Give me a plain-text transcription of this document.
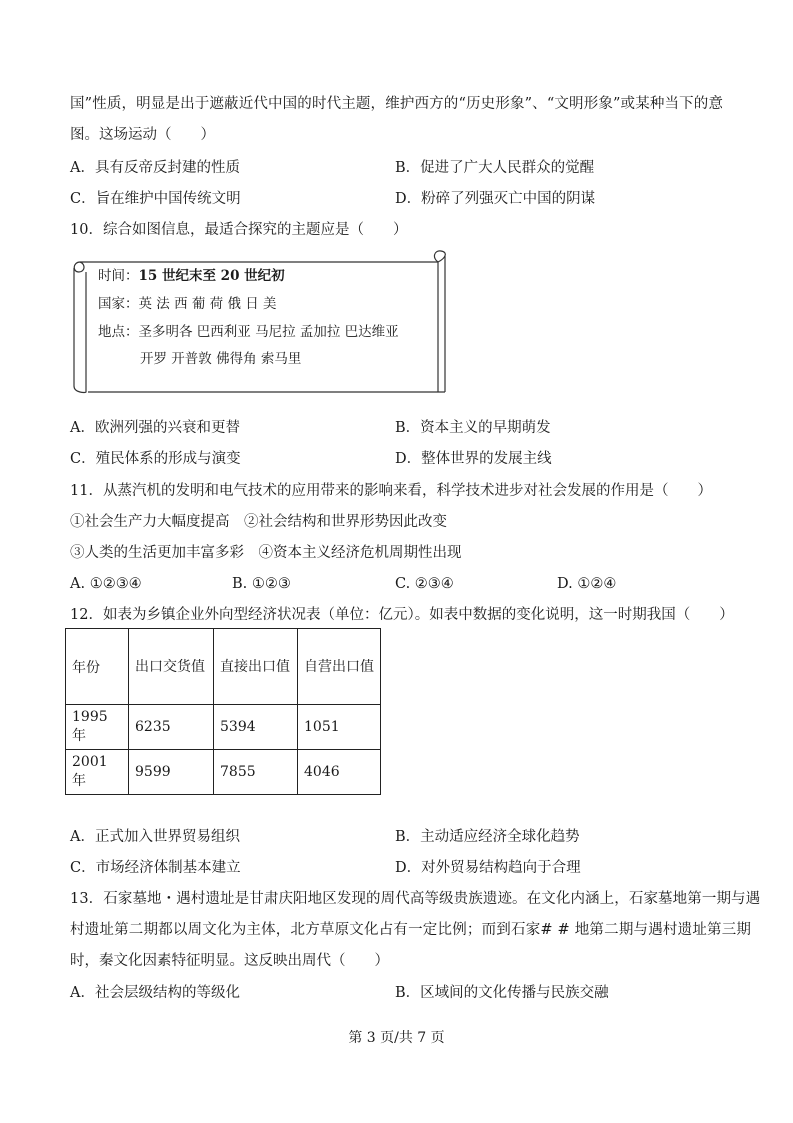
国”性质，明显是出于遮蔽近代中国的时代主题，维护西方的“历史形象”、“文明形象”或某种当下的意
图。这场运动（　　）
A．具有反帝反封建的性质	B．促进了广大人民群众的觉醒
C．旨在维护中国传统文明	D．粉碎了列强灭亡中国的阴谋
10．综合如图信息，最适合探究的主题应是（　　）
时间：15 世纪末至 20 世纪初
国家：英 法 西 葡 荷 俄 日 美
地点：圣多明各 巴西利亚 马尼拉 孟加拉 巴达维亚
开罗 开普敦 佛得角 索马里
A．欧洲列强的兴衰和更替	B．资本主义的早期萌发
C．殖民体系的形成与演变	D．整体世界的发展主线
11．从蒸汽机的发明和电气技术的应用带来的影响来看，科学技术进步对社会发展的作用是（　　）
①社会生产力大幅度提高　②社会结构和世界形势因此改变
③人类的生活更加丰富多彩　④资本主义经济危机周期性出现
A. ①②③④	B. ①②③	C. ②③④	D. ①②④
12．如表为乡镇企业外向型经济状况表（单位：亿元）。如表中数据的变化说明，这一时期我国（　　）
年份	出口交货值	直接出口值	自营出口值
1995 年	6235	5394	1051
2001 年	9599	7855	4046
A．正式加入世界贸易组织	B．主动适应经济全球化趋势
C．市场经济体制基本建立	D．对外贸易结构趋向于合理
13．石家墓地・遇村遗址是甘肃庆阳地区发现的周代高等级贵族遗迹。在文化内涵上，石家墓地第一期与遇
村遗址第二期都以周文化为主体，北方草原文化占有一定比例；而到石家# # 地第二期与遇村遗址第三期
时，秦文化因素特征明显。这反映出周代（　　）
A．社会层级结构的等级化	B．区域间的文化传播与民族交融
第 3 页/共 7 页
